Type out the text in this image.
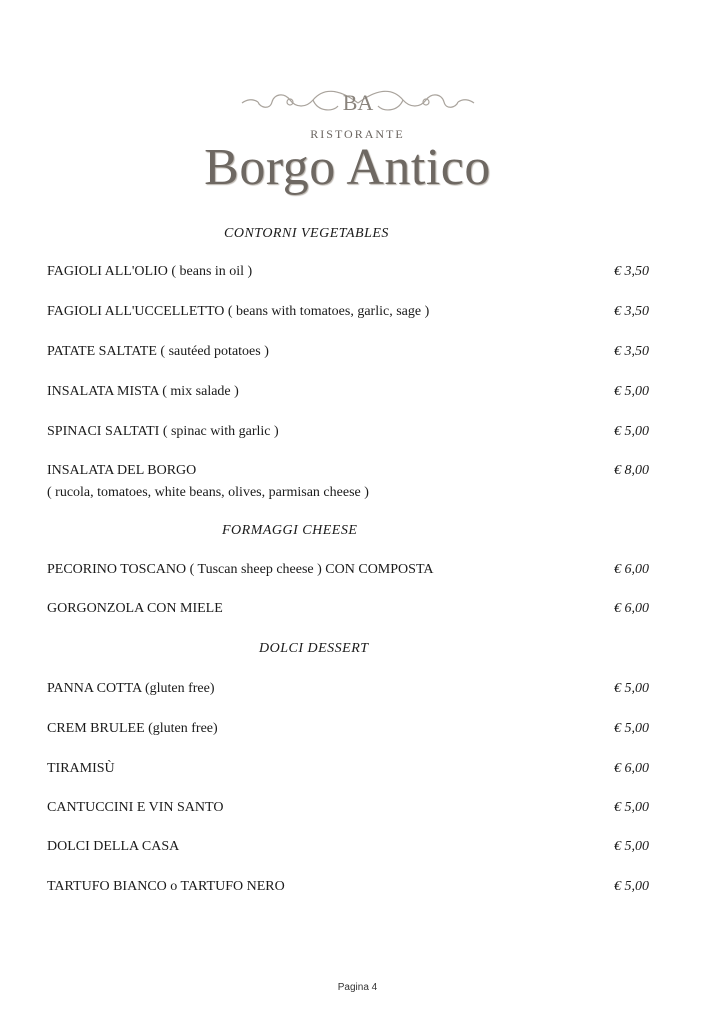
BA
RISTORANTE
Borgo Antico
CONTORNI VEGETABLES
FAGIOLI ALL'OLIO ( beans in oil )	€ 3,50
FAGIOLI ALL'UCCELLETTO ( beans with tomatoes, garlic, sage )	€ 3,50
PATATE SALTATE ( sautéed potatoes )	€ 3,50
INSALATA MISTA ( mix salade )	€ 5,00
SPINACI SALTATI ( spinac with garlic )	€ 5,00
INSALATA DEL BORGO	€ 8,00
( rucola, tomatoes, white beans, olives, parmisan cheese )
FORMAGGI CHEESE
PECORINO TOSCANO ( Tuscan sheep cheese ) CON COMPOSTA	€ 6,00
GORGONZOLA CON MIELE	€ 6,00
DOLCI DESSERT
PANNA COTTA (gluten free)	€ 5,00
CREM BRULEE (gluten free)	€ 5,00
TIRAMISÙ	€ 6,00
CANTUCCINI E VIN SANTO	€ 5,00
DOLCI DELLA CASA	€ 5,00
TARTUFO BIANCO o TARTUFO NERO	€ 5,00
Pagina 4
